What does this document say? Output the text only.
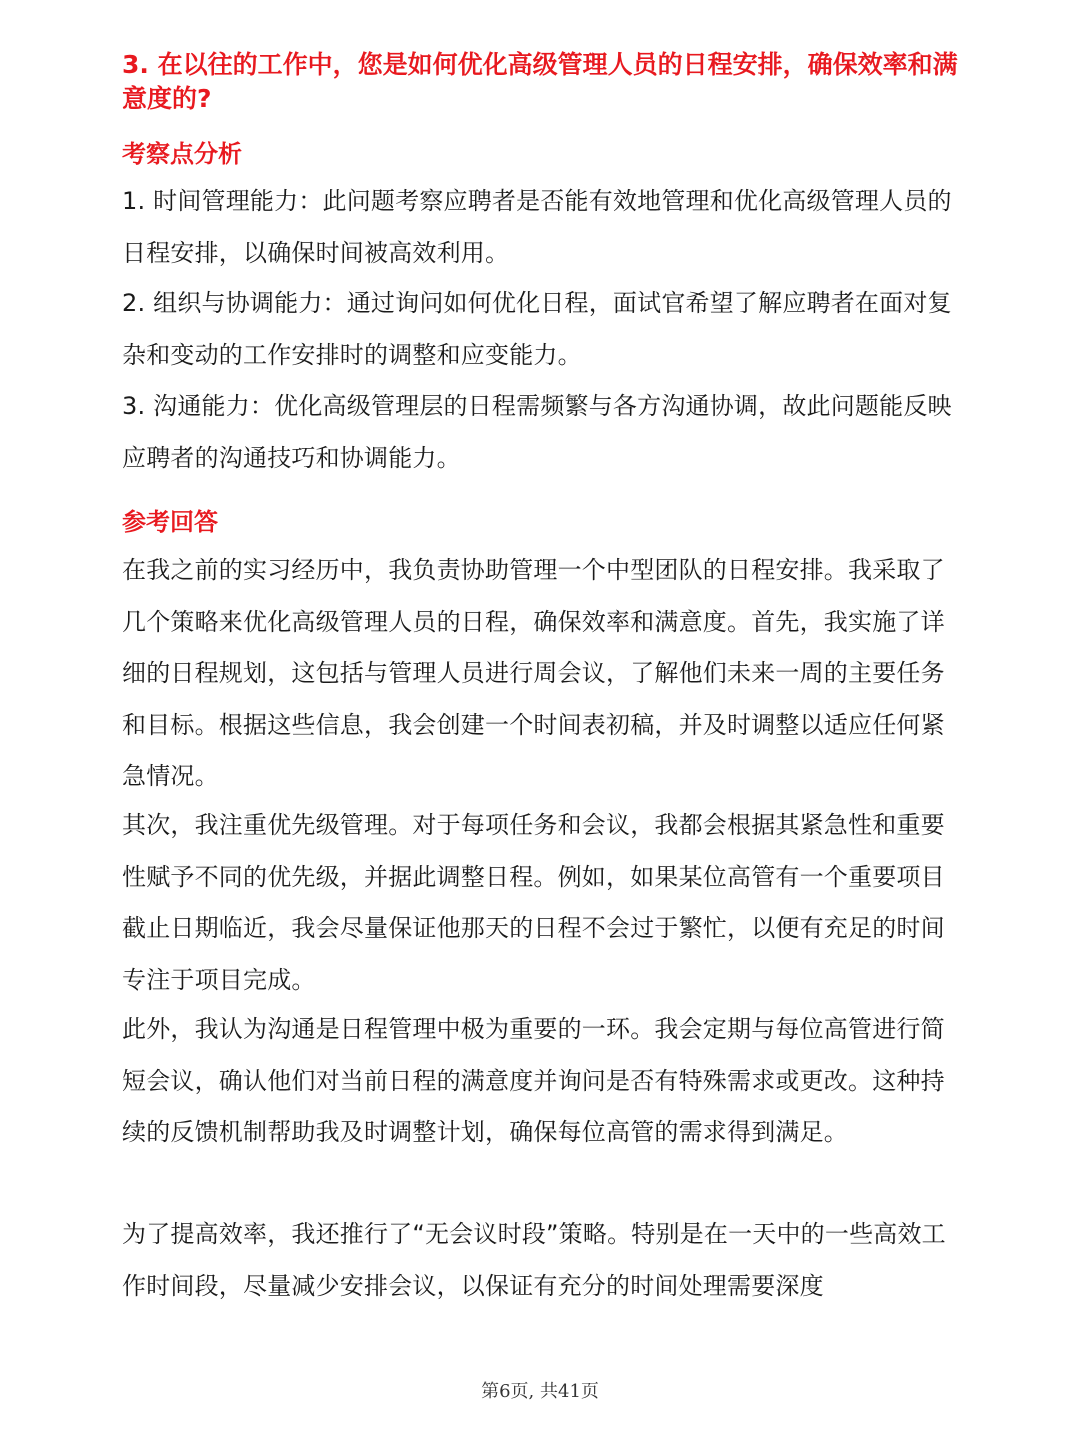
3. 在以往的工作中，您是如何优化高级管理人员的日程安排，确保效率和满意度的?
考察点分析
1. 时间管理能力：此问题考察应聘者是否能有效地管理和优化高级管理人员的日程安排，以确保时间被高效利用。
2. 组织与协调能力：通过询问如何优化日程，面试官希望了解应聘者在面对复杂和变动的工作安排时的调整和应变能力。
3. 沟通能力：优化高级管理层的日程需频繁与各方沟通协调，故此问题能反映应聘者的沟通技巧和协调能力。
参考回答
在我之前的实习经历中，我负责协助管理一个中型团队的日程安排。我采取了几个策略来优化高级管理人员的日程，确保效率和满意度。首先，我实施了详细的日程规划，这包括与管理人员进行周会议，了解他们未来一周的主要任务和目标。根据这些信息，我会创建一个时间表初稿，并及时调整以适应任何紧急情况。
其次，我注重优先级管理。对于每项任务和会议，我都会根据其紧急性和重要性赋予不同的优先级，并据此调整日程。例如，如果某位高管有一个重要项目截止日期临近，我会尽量保证他那天的日程不会过于繁忙，以便有充足的时间专注于项目完成。
此外，我认为沟通是日程管理中极为重要的一环。我会定期与每位高管进行简短会议，确认他们对当前日程的满意度并询问是否有特殊需求或更改。这种持续的反馈机制帮助我及时调整计划，确保每位高管的需求得到满足。
为了提高效率，我还推行了“无会议时段”策略。特别是在一天中的一些高效工作时间段，尽量减少安排会议，以保证有充分的时间处理需要深度
第6页, 共41页
